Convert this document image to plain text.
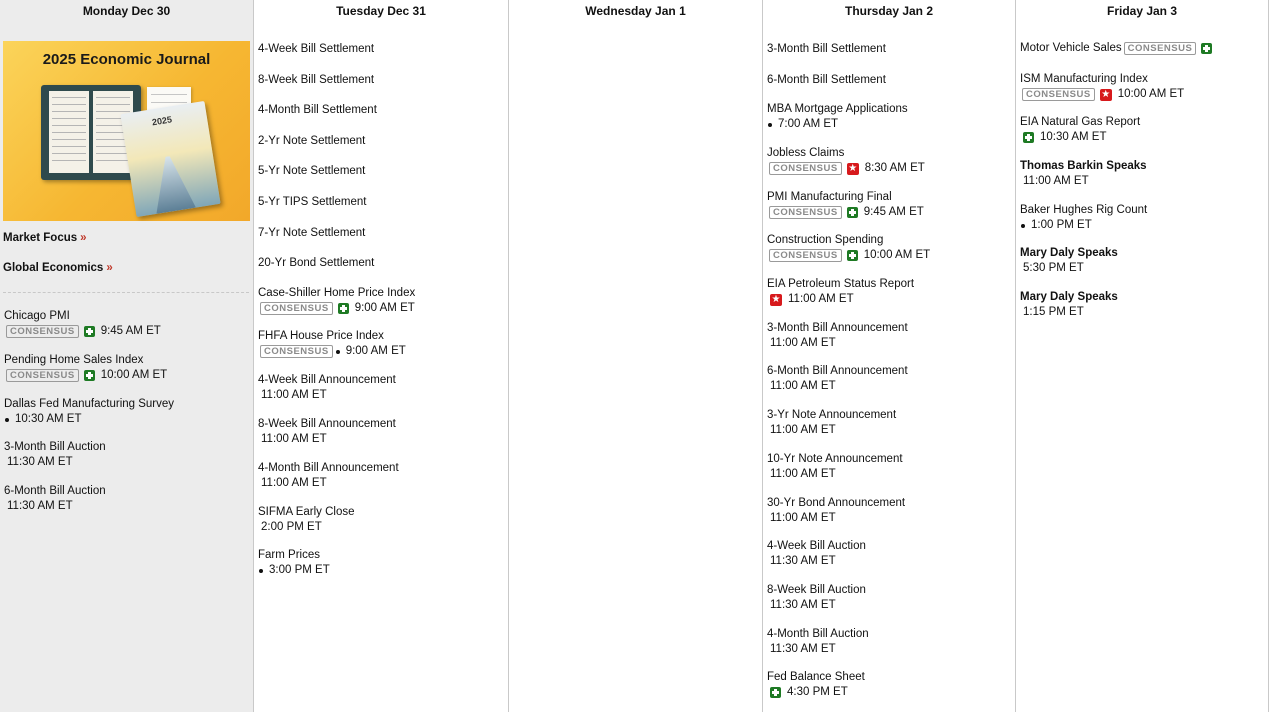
Monday Dec 30
2025 Economic Journal
2025
Market Focus »
Global Economics »
Chicago PMI
CONSENSUS	9:45 AM ET
Pending Home Sales Index
CONSENSUS	10:00 AM ET
Dallas Fed Manufacturing Survey
10:30 AM ET
3-Month Bill Auction
11:30 AM ET
6-Month Bill Auction
11:30 AM ET
Tuesday Dec 31
4-Week Bill Settlement
8-Week Bill Settlement
4-Month Bill Settlement
2-Yr Note Settlement
5-Yr Note Settlement
5-Yr TIPS Settlement
7-Yr Note Settlement
20-Yr Bond Settlement
Case-Shiller Home Price Index
CONSENSUS	9:00 AM ET
FHFA House Price Index
CONSENSUS	9:00 AM ET
4-Week Bill Announcement
11:00 AM ET
8-Week Bill Announcement
11:00 AM ET
4-Month Bill Announcement
11:00 AM ET
SIFMA Early Close
2:00 PM ET
Farm Prices
3:00 PM ET
Wednesday Jan 1	Thursday Jan 2
3-Month Bill Settlement
6-Month Bill Settlement
MBA Mortgage Applications
7:00 AM ET
Jobless Claims
CONSENSUS	★ 8:30 AM ET
PMI Manufacturing Final
CONSENSUS	9:45 AM ET
Construction Spending
CONSENSUS	10:00 AM ET
EIA Petroleum Status Report
★ 11:00 AM ET
3-Month Bill Announcement
11:00 AM ET
6-Month Bill Announcement
11:00 AM ET
3-Yr Note Announcement
11:00 AM ET
10-Yr Note Announcement
11:00 AM ET
30-Yr Bond Announcement
11:00 AM ET
4-Week Bill Auction
11:30 AM ET
8-Week Bill Auction
11:30 AM ET
4-Month Bill Auction
11:30 AM ET
Fed Balance Sheet
4:30 PM ET
Friday Jan 3
Motor Vehicle Sales CONSENSUS
ISM Manufacturing Index
CONSENSUS	★ 10:00 AM ET
EIA Natural Gas Report
10:30 AM ET
Thomas Barkin Speaks
11:00 AM ET
Baker Hughes Rig Count
1:00 PM ET
Mary Daly Speaks
5:30 PM ET
Mary Daly Speaks
1:15 PM ET
